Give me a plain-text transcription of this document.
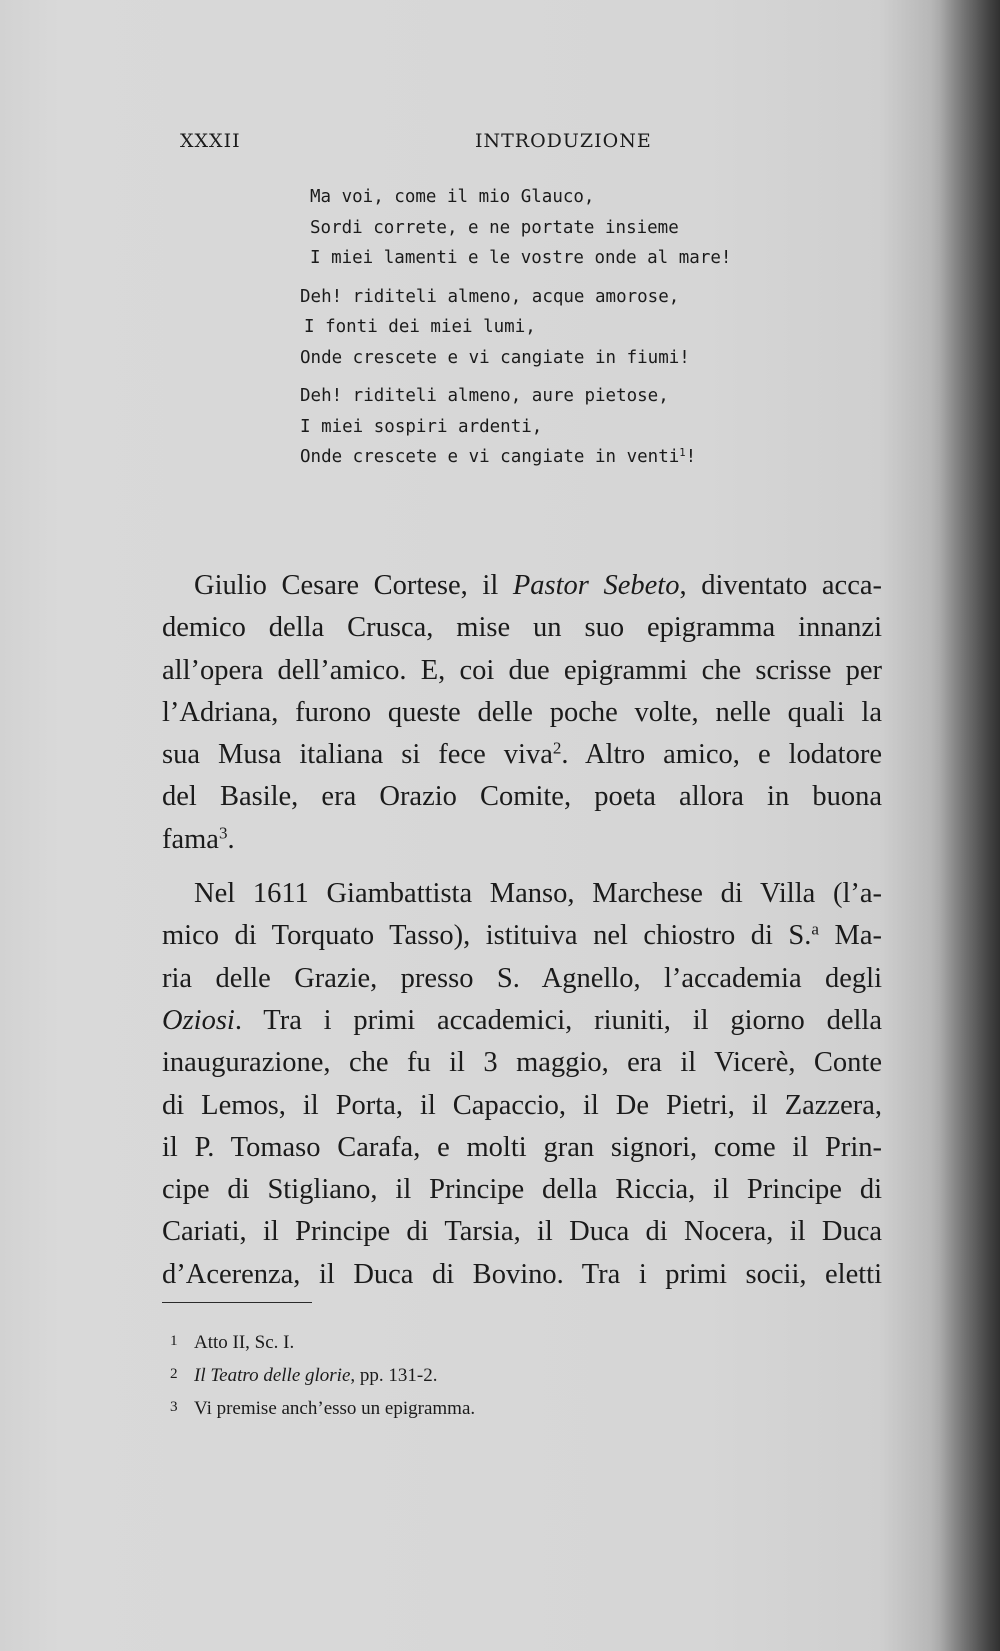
XXXII	INTRODUZIONE
Ma voi, come il mio Glauco,
Sordi correte, e ne portate insieme
I miei lamenti e le vostre onde al mare!
Deh! riditeli almeno, acque amorose,
I fonti dei miei lumi,
Onde crescete e vi cangiate in fiumi!
Deh! riditeli almeno, aure pietose,
I miei sospiri ardenti,
Onde crescete e vi cangiate in venti$^1$!
Giulio Cesare Cortese, il Pastor Sebeto, diventato acca-
demico della Crusca, mise un suo epigramma innanzi
all’opera dell’amico. E, coi due epigrammi che scrisse per
l’Adriana, furono queste delle poche volte, nelle quali la
sua Musa italiana si fece viva$^2$. Altro amico, e lodatore
del Basile, era Orazio Comite, poeta allora in buona
fama$^3$.
Nel 1611 Giambattista Manso, Marchese di Villa (l’a-
mico di Torquato Tasso), istituiva nel chiostro di S.$^a$ Ma-
ria delle Grazie, presso S. Agnello, l’accademia degli
Oziosi. Tra i primi accademici, riuniti, il giorno della
inaugurazione, che fu il 3 maggio, era il Vicerè, Conte
di Lemos, il Porta, il Capaccio, il De Pietri, il Zazzera,
il P. Tomaso Carafa, e molti gran signori, come il Prin-
cipe di Stigliano, il Principe della Riccia, il Principe di
Cariati, il Principe di Tarsia, il Duca di Nocera, il Duca
d’Acerenza, il Duca di Bovino. Tra i primi socii, eletti
1 Atto II, Sc. I.
2 Il Teatro delle glorie, pp. 131-2.
3 Vi premise anch’esso un epigramma.
